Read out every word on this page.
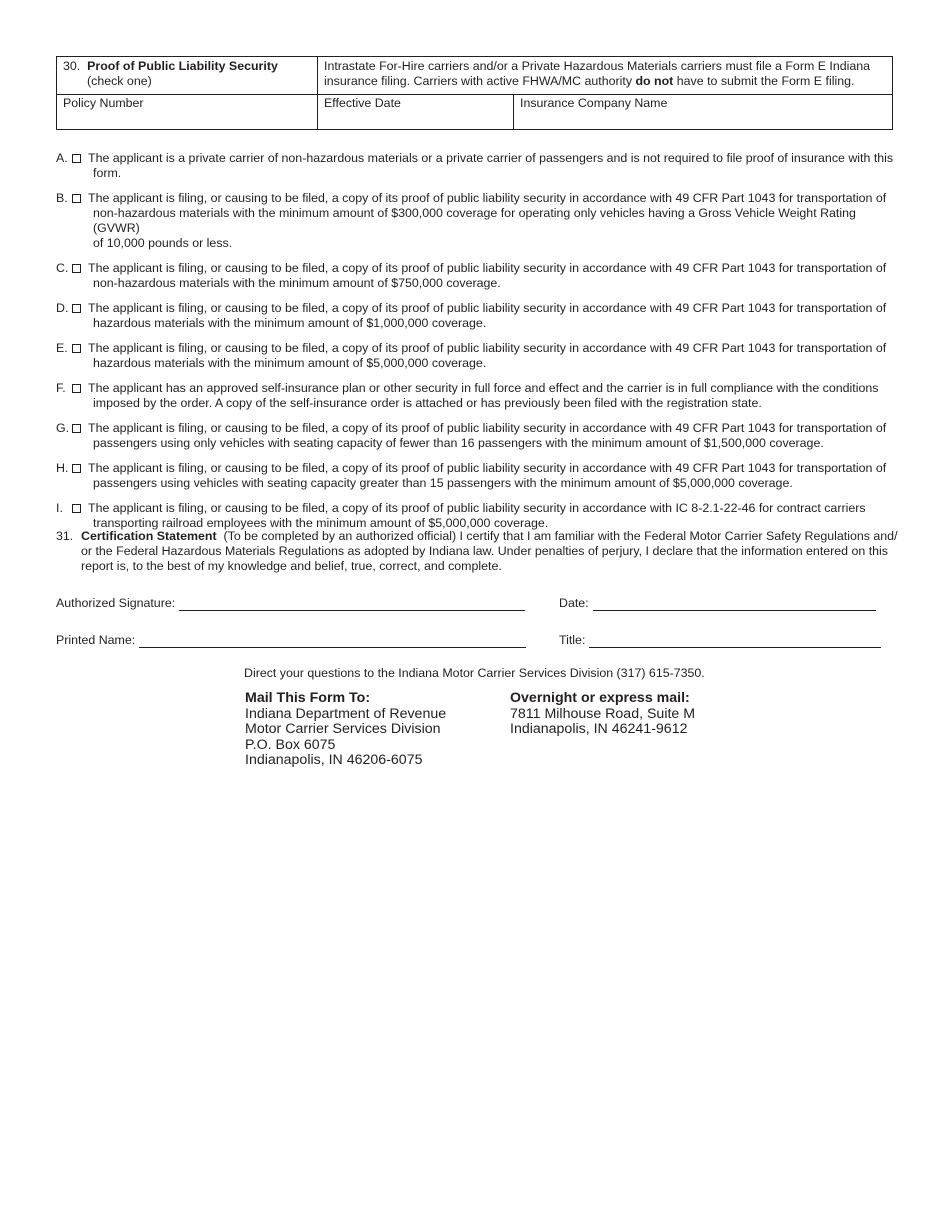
30. Proof of Public Liability Security
(check one)
Intrastate For-Hire carriers and/or a Private Hazardous Materials carriers must file a Form E Indiana
insurance filing. Carriers with active FHWA/MC authority do not have to submit the Form E filing.
Policy Number	Effective Date	Insurance Company Name
A.	The applicant is a private carrier of non-hazardous materials or a private carrier of passengers and is not required to file proof of insurance with this
form.
B.	The applicant is filing, or causing to be filed, a copy of its proof of public liability security in accordance with 49 CFR Part 1043 for transportation of
non-hazardous materials with the minimum amount of $300,000 coverage for operating only vehicles having a Gross Vehicle Weight Rating (GVWR)
of 10,000 pounds or less.
C. The applicant is filing, or causing to be filed, a copy of its proof of public liability security in accordance with 49 CFR Part 1043 for transportation of
non-hazardous materials with the minimum amount of $750,000 coverage.
D. The applicant is filing, or causing to be filed, a copy of its proof of public liability security in accordance with 49 CFR Part 1043 for transportation of
hazardous materials with the minimum amount of $1,000,000 coverage.
E.	The applicant is filing, or causing to be filed, a copy of its proof of public liability security in accordance with 49 CFR Part 1043 for transportation of
hazardous materials with the minimum amount of $5,000,000 coverage.
F.	The applicant has an approved self-insurance plan or other security in full force and effect and the carrier is in full compliance with the conditions
imposed by the order. A copy of the self-insurance order is attached or has previously been filed with the registration state.
G. The applicant is filing, or causing to be filed, a copy of its proof of public liability security in accordance with 49 CFR Part 1043 for transportation of
passengers using only vehicles with seating capacity of fewer than 16 passengers with the minimum amount of $1,500,000 coverage.
H. The applicant is filing, or causing to be filed, a copy of its proof of public liability security in accordance with 49 CFR Part 1043 for transportation of
passengers using vehicles with seating capacity greater than 15 passengers with the minimum amount of $5,000,000 coverage.
I.	The applicant is filing, or causing to be filed, a copy of its proof of public liability security in accordance with IC 8-2.1-22-46 for contract carriers
transporting railroad employees with the minimum amount of $5,000,000 coverage.
31. Certification Statement  (To be completed by an authorized official) I certify that I am familiar with the Federal Motor Carrier Safety Regulations and/
or the Federal Hazardous Materials Regulations as adopted by Indiana law. Under penalties of perjury, I declare that the information entered on this
report is, to the best of my knowledge and belief, true, correct, and complete.
Authorized Signature:	Date:
Printed Name:	Title:
Direct your questions to the Indiana Motor Carrier Services Division (317) 615-7350.
Mail This Form To:
Indiana Department of Revenue
Motor Carrier Services Division
P.O. Box 6075
Indianapolis, IN 46206-6075
Overnight or express mail:
7811 Milhouse Road, Suite M
Indianapolis, IN 46241-9612
